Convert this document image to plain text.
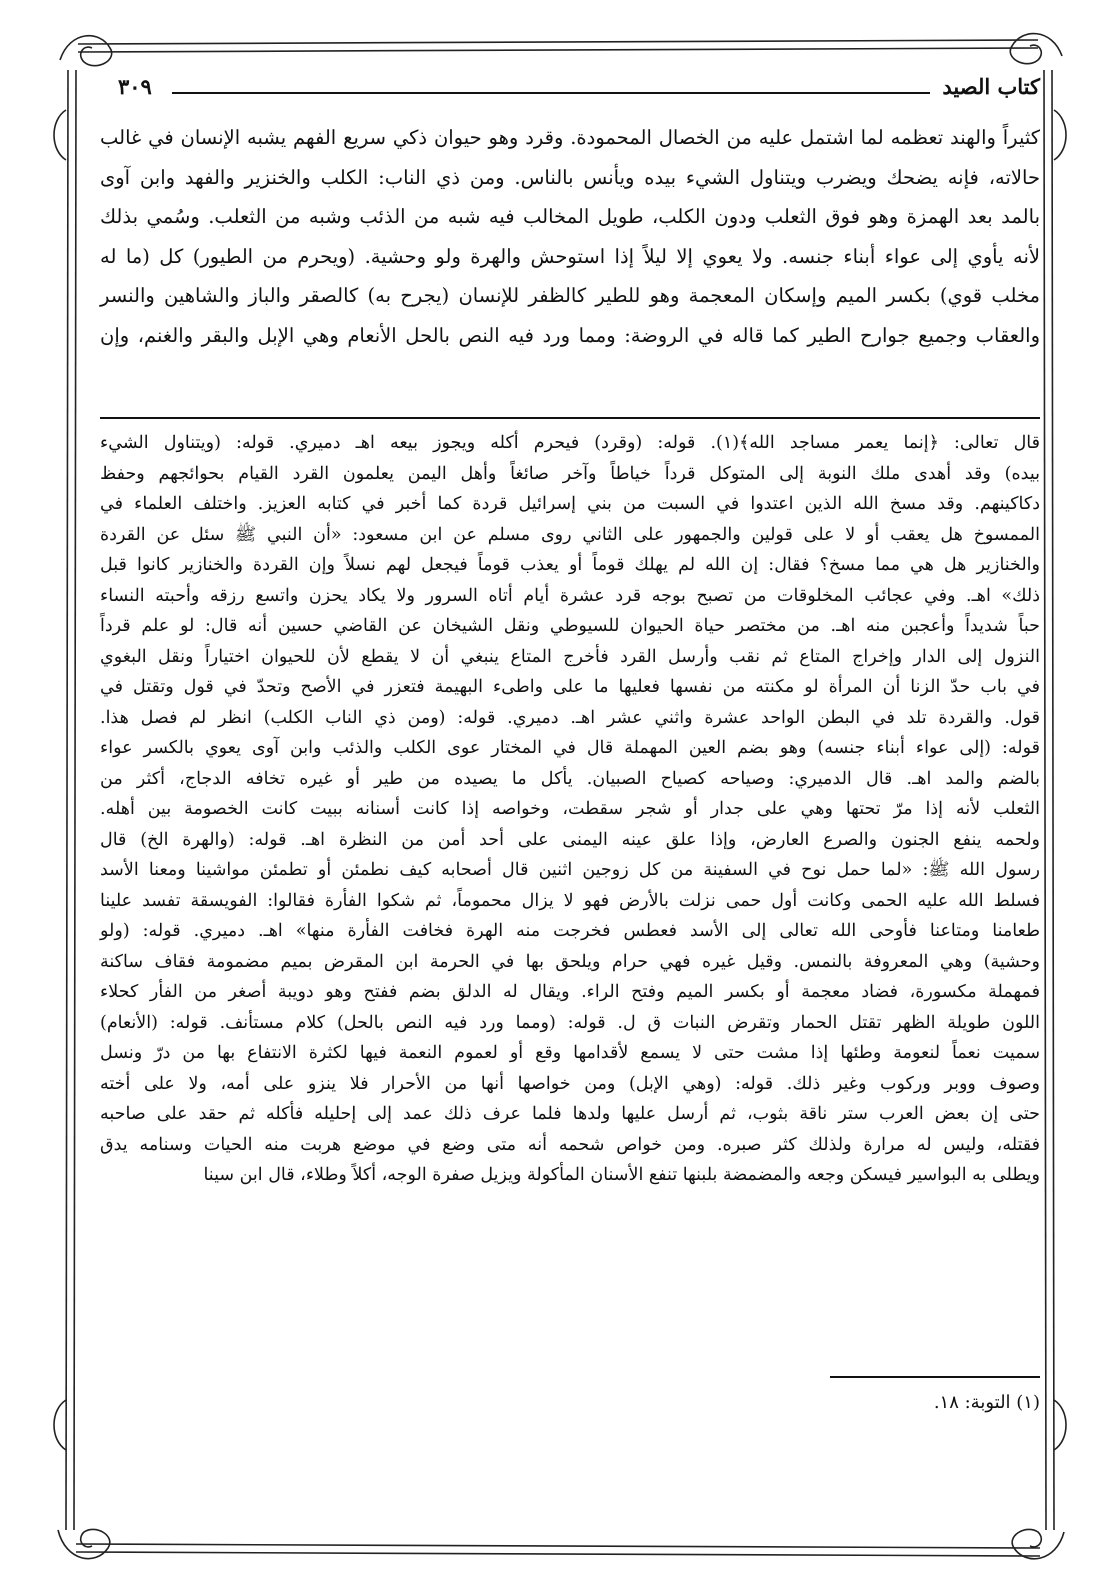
كتاب الصيد
٣٠٩

كثيراً والهند تعظمه لما اشتمل عليه من الخصال المحمودة. وقرد وهو حيوان ذكي سريع الفهم يشبه الإنسان في غالب

حالاته، فإنه يضحك ويضرب ويتناول الشيء بيده ويأنس بالناس. ومن ذي الناب: الكلب والخنزير والفهد وابن آوى

بالمد بعد الهمزة وهو فوق الثعلب ودون الكلب، طويل المخالب فيه شبه من الذئب وشبه من الثعلب. وسُمي بذلك

لأنه يأوي إلى عواء أبناء جنسه. ولا يعوي إلا ليلاً إذا استوحش والهرة ولو وحشية. (ويحرم من الطيور) كل (ما له

مخلب قوي) بكسر الميم وإسكان المعجمة وهو للطير كالظفر للإنسان (يجرح به) كالصقر والباز والشاهين والنسر

والعقاب وجميع جوارح الطير كما قاله في الروضة: ومما ورد فيه النص بالحل الأنعام وهي الإبل والبقر والغنم، وإن

قال تعالى: ﴿إنما يعمر مساجد الله﴾(١). قوله: (وقرد) فيحرم أكله ويجوز بيعه اهـ دميري. قوله: (ويتناول الشيء

بيده) وقد أهدى ملك النوبة إلى المتوكل قرداً خياطاً وآخر صائغاً وأهل اليمن يعلمون القرد القيام بحوائجهم وحفظ

دكاكينهم. وقد مسخ الله الذين اعتدوا في السبت من بني إسرائيل قردة كما أخبر في كتابه العزيز. واختلف العلماء في

الممسوخ هل يعقب أو لا على قولين والجمهور على الثاني روى مسلم عن ابن مسعود: «أن النبي ﷺ سئل عن القردة

والخنازير هل هي مما مسخ؟ فقال: إن الله لم يهلك قوماً أو يعذب قوماً فيجعل لهم نسلاً وإن القردة والخنازير كانوا قبل

ذلك» اهـ. وفي عجائب المخلوقات من تصبح بوجه قرد عشرة أيام أتاه السرور ولا يكاد يحزن واتسع رزقه وأحبته النساء

حباً شديداً وأعجبن منه اهـ. من مختصر حياة الحيوان للسيوطي ونقل الشيخان عن القاضي حسين أنه قال: لو علم قرداً

النزول إلى الدار وإخراج المتاع ثم نقب وأرسل القرد فأخرج المتاع ينبغي أن لا يقطع لأن للحيوان اختياراً ونقل البغوي

في باب حدّ الزنا أن المرأة لو مكنته من نفسها فعليها ما على واطىء البهيمة فتعزر في الأصح وتحدّ في قول وتقتل في

قول. والقردة تلد في البطن الواحد عشرة واثني عشر اهـ. دميري. قوله: (ومن ذي الناب الكلب) انظر لم فصل هذا.

قوله: (إلى عواء أبناء جنسه) وهو بضم العين المهملة قال في المختار عوى الكلب والذئب وابن آوى يعوي بالكسر عواء

بالضم والمد اهـ. قال الدميري: وصياحه كصياح الصبيان. يأكل ما يصيده من طير أو غيره تخافه الدجاج، أكثر من

الثعلب لأنه إذا مرّ تحتها وهي على جدار أو شجر سقطت، وخواصه إذا كانت أسنانه ببيت كانت الخصومة بين أهله.

ولحمه ينفع الجنون والصرع العارض، وإذا علق عينه اليمنى على أحد أمن من النظرة اهـ. قوله: (والهرة الخ) قال

رسول الله ﷺ: «لما حمل نوح في السفينة من كل زوجين اثنين قال أصحابه كيف نطمئن أو تطمئن مواشينا ومعنا الأسد

فسلط الله عليه الحمى وكانت أول حمى نزلت بالأرض فهو لا يزال محموماً، ثم شكوا الفأرة فقالوا: الفويسقة تفسد علينا

طعامنا ومتاعنا فأوحى الله تعالى إلى الأسد فعطس فخرجت منه الهرة فخافت الفأرة منها» اهـ. دميري. قوله: (ولو

وحشية) وهي المعروفة بالنمس. وقيل غيره فهي حرام ويلحق بها في الحرمة ابن المقرض بميم مضمومة فقاف ساكنة

فمهملة مكسورة، فضاد معجمة أو بكسر الميم وفتح الراء. ويقال له الدلق بضم ففتح وهو دويبة أصغر من الفأر كحلاء

اللون طويلة الظهر تقتل الحمار وتقرض النبات ق ل. قوله: (ومما ورد فيه النص بالحل) كلام مستأنف. قوله: (الأنعام)

سميت نعماً لنعومة وطئها إذا مشت حتى لا يسمع لأقدامها وقع أو لعموم النعمة فيها لكثرة الانتفاع بها من درّ ونسل

وصوف ووبر وركوب وغير ذلك. قوله: (وهي الإبل) ومن خواصها أنها من الأحرار فلا ينزو على أمه، ولا على أخته

حتى إن بعض العرب ستر ناقة بثوب، ثم أرسل عليها ولدها فلما عرف ذلك عمد إلى إحليله فأكله ثم حقد على صاحبه

فقتله، وليس له مرارة ولذلك كثر صبره. ومن خواص شحمه أنه متى وضع في موضع هربت منه الحيات وسنامه يدق

ويطلى به البواسير فيسكن وجعه والمضمضة بلبنها تنفع الأسنان المأكولة ويزيل صفرة الوجه، أكلاً وطلاء، قال ابن سينا

(١) التوبة: ١٨.
